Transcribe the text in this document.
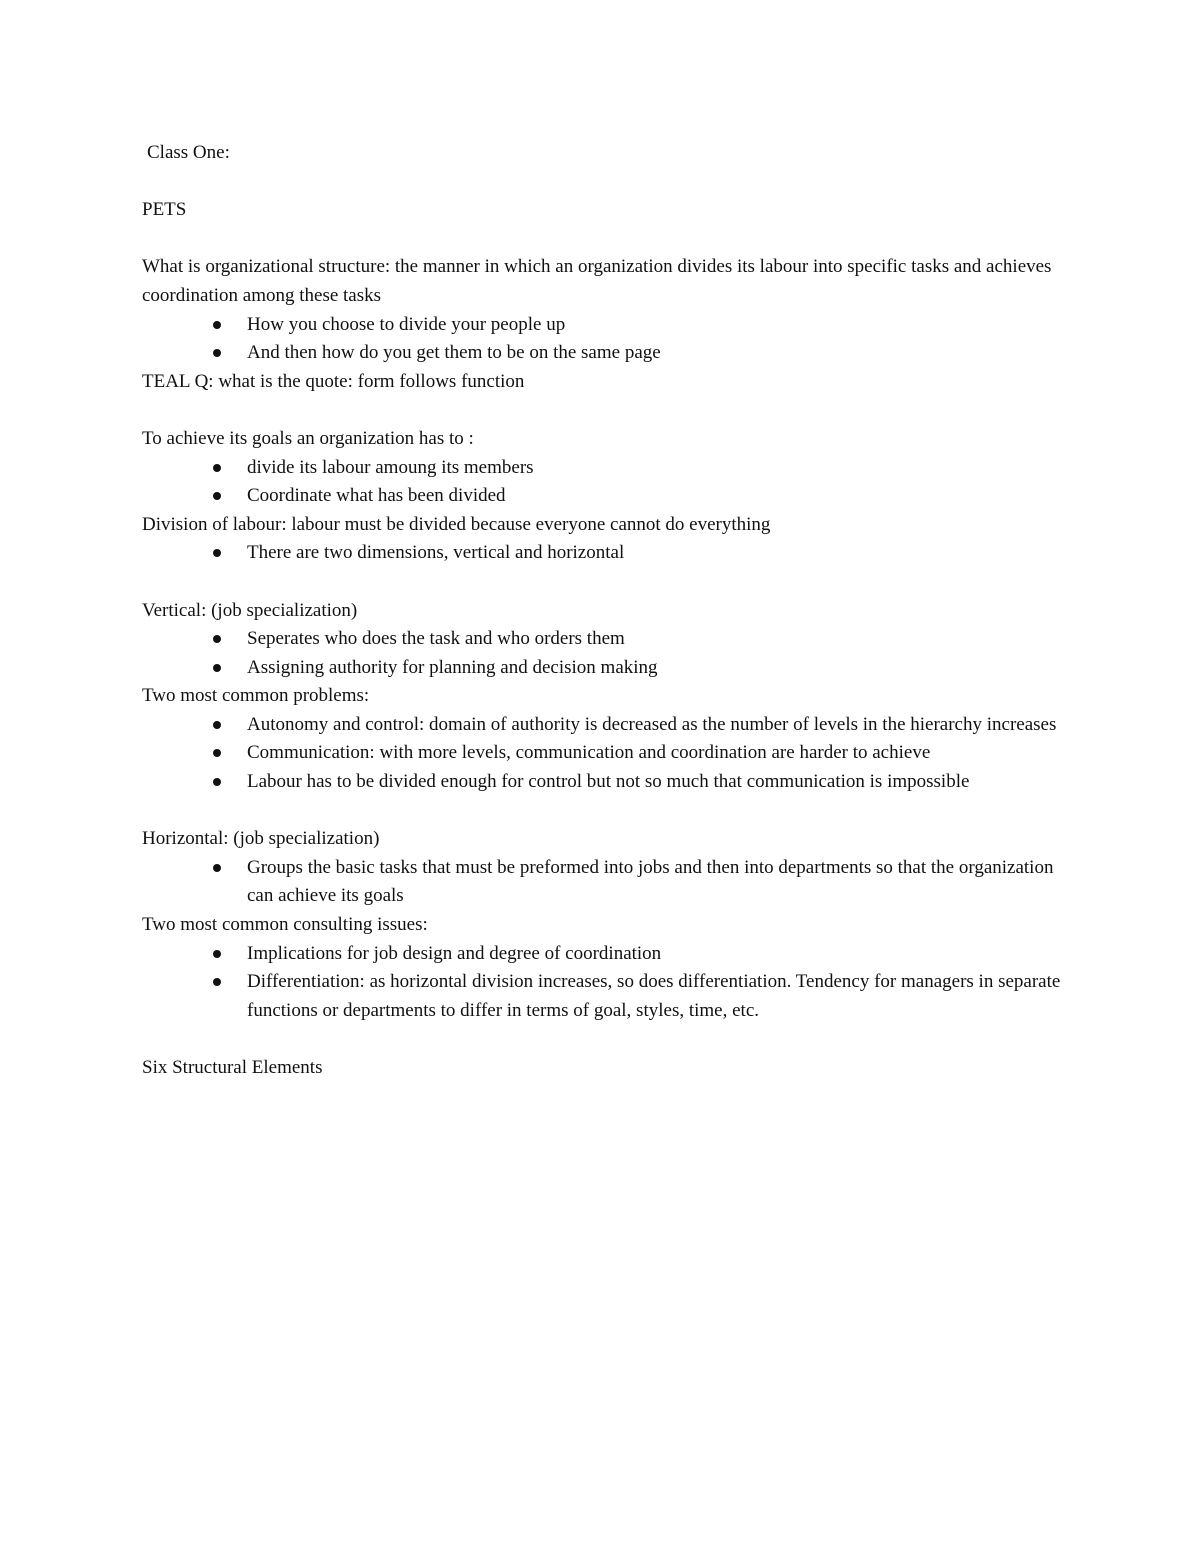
Class One:

PETS

What is organizational structure: the manner in which an organization divides its labour into specific tasks and achieves coordination among these tasks

How you choose to divide your people up
And then how do you get them to be on the same page

TEAL Q: what is the quote: form follows function

To achieve its goals an organization has to :

divide its labour amoung its members
Coordinate what has been divided

Division of labour: labour must be divided because everyone cannot do everything

There are two dimensions, vertical and horizontal

Vertical: (job specialization)

Seperates who does the task and who orders them
Assigning authority for planning and decision making

Two most common problems:

Autonomy and control: domain of authority is decreased as the number of levels in the hierarchy increases
Communication: with more levels, communication and coordination are harder to achieve
Labour has to be divided enough for control but not so much that communication is impossible

Horizontal: (job specialization)

Groups the basic tasks that must be preformed into jobs and then into departments so that the organization can achieve its goals

Two most common consulting issues:

Implications for job design and degree of coordination
Differentiation: as horizontal division increases, so does differentiation. Tendency for managers in separate functions or departments to differ in terms of goal, styles, time, etc.

Six Structural Elements
